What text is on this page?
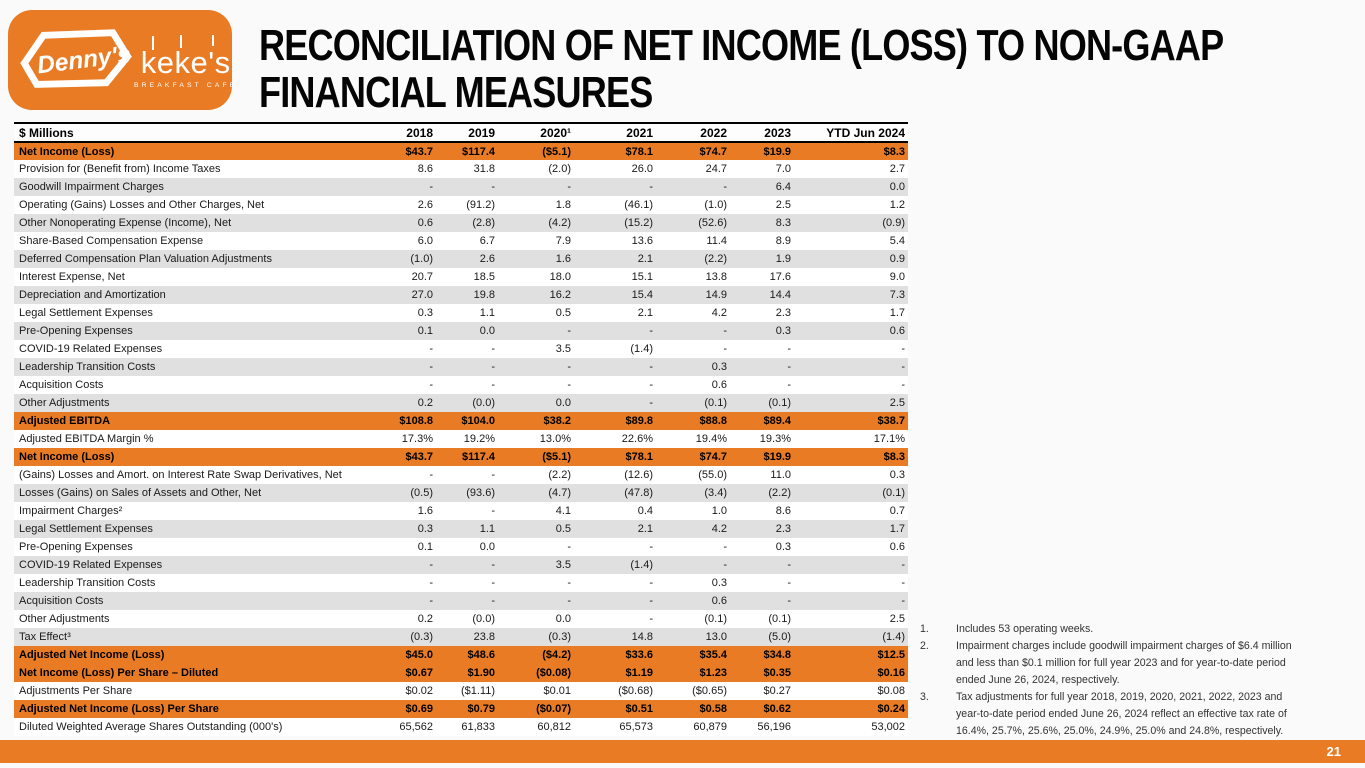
Denny's keke's
BREAKFAST CAFE
RECONCILIATION OF NET INCOME (LOSS) TO NON-GAAP
FINANCIAL MEASURES
$ Millions	2018	2019	2020¹	2021	2022	2023	YTD Jun 2024
Net Income (Loss)	$43.7	$117.4	($5.1)	$78.1	$74.7	$19.9	$8.3
Provision for (Benefit from) Income Taxes	8.6	31.8	(2.0)	26.0	24.7	7.0	2.7
Goodwill Impairment Charges	-	-	-	-	-	6.4	0.0
Operating (Gains) Losses and Other Charges, Net	2.6	(91.2)	1.8	(46.1)	(1.0)	2.5	1.2
Other Nonoperating Expense (Income), Net	0.6	(2.8)	(4.2)	(15.2)	(52.6)	8.3	(0.9)
Share-Based Compensation Expense	6.0	6.7	7.9	13.6	11.4	8.9	5.4
Deferred Compensation Plan Valuation Adjustments	(1.0)	2.6	1.6	2.1	(2.2)	1.9	0.9
Interest Expense, Net	20.7	18.5	18.0	15.1	13.8	17.6	9.0
Depreciation and Amortization	27.0	19.8	16.2	15.4	14.9	14.4	7.3
Legal Settlement Expenses	0.3	1.1	0.5	2.1	4.2	2.3	1.7
Pre-Opening Expenses	0.1	0.0	-	-	-	0.3	0.6
COVID-19 Related Expenses	-	-	3.5	(1.4)	-	-	-
Leadership Transition Costs	-	-	-	-	0.3	-	-
Acquisition Costs	-	-	-	-	0.6	-	-
Other Adjustments	0.2	(0.0)	0.0	-	(0.1)	(0.1)	2.5
Adjusted EBITDA	$108.8	$104.0	$38.2	$89.8	$88.8	$89.4	$38.7
Adjusted EBITDA Margin %	17.3%	19.2%	13.0%	22.6%	19.4%	19.3%	17.1%
Net Income (Loss)	$43.7	$117.4	($5.1)	$78.1	$74.7	$19.9	$8.3
(Gains) Losses and Amort. on Interest Rate Swap Derivatives, Net	-	-	(2.2)	(12.6)	(55.0)	11.0	0.3
Losses (Gains) on Sales of Assets and Other, Net	(0.5)	(93.6)	(4.7)	(47.8)	(3.4)	(2.2)	(0.1)
Impairment Charges²	1.6	-	4.1	0.4	1.0	8.6	0.7
Legal Settlement Expenses	0.3	1.1	0.5	2.1	4.2	2.3	1.7
Pre-Opening Expenses	0.1	0.0	-	-	-	0.3	0.6
COVID-19 Related Expenses	-	-	3.5	(1.4)	-	-	-
Leadership Transition Costs	-	-	-	-	0.3	-	-
Acquisition Costs	-	-	-	-	0.6	-	-
Other Adjustments	0.2	(0.0)	0.0	-	(0.1)	(0.1)	2.5
Tax Effect³	(0.3)	23.8	(0.3)	14.8	13.0	(5.0)	(1.4)
Adjusted Net Income (Loss)	$45.0	$48.6	($4.2)	$33.6	$35.4	$34.8	$12.5
Net Income (Loss) Per Share – Diluted	$0.67	$1.90	($0.08)	$1.19	$1.23	$0.35	$0.16
Adjustments Per Share	$0.02	($1.11)	$0.01	($0.68)	($0.65)	$0.27	$0.08
Adjusted Net Income (Loss) Per Share	$0.69	$0.79	($0.07)	$0.51	$0.58	$0.62	$0.24
Diluted Weighted Average Shares Outstanding (000's)	65,562	61,833	60,812	65,573	60,879	56,196	53,002
1.	Includes 53 operating weeks.
2.	Impairment charges include goodwill impairment charges of $6.4 million and less than $0.1 million for full year 2023 and for year-to-date period ended June 26, 2024, respectively.
3.	Tax adjustments for full year 2018, 2019, 2020, 2021, 2022, 2023 and year-to-date period ended June 26, 2024 reflect an effective tax rate of 16.4%, 25.7%, 25.6%, 25.0%, 24.9%, 25.0% and 24.8%, respectively.
21
